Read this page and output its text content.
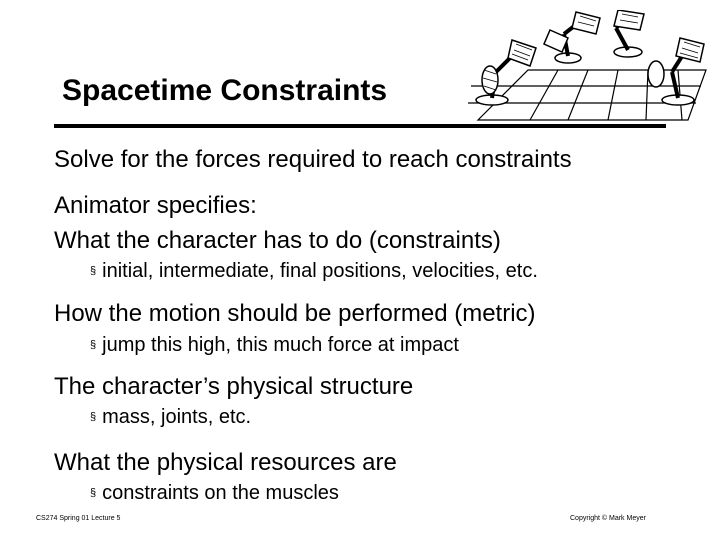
Spacetime Constraints
Solve for the forces required to reach constraints
Animator specifies:
What the character has to do (constraints)
§ initial, intermediate, final positions, velocities, etc.
How the motion should be performed (metric)
§ jump this high, this much force at impact
The character’s physical structure
§ mass, joints, etc.
What the physical resources are
§ constraints on the muscles
CS274 Spring 01 Lecture 5	Copyright © Mark Meyer
